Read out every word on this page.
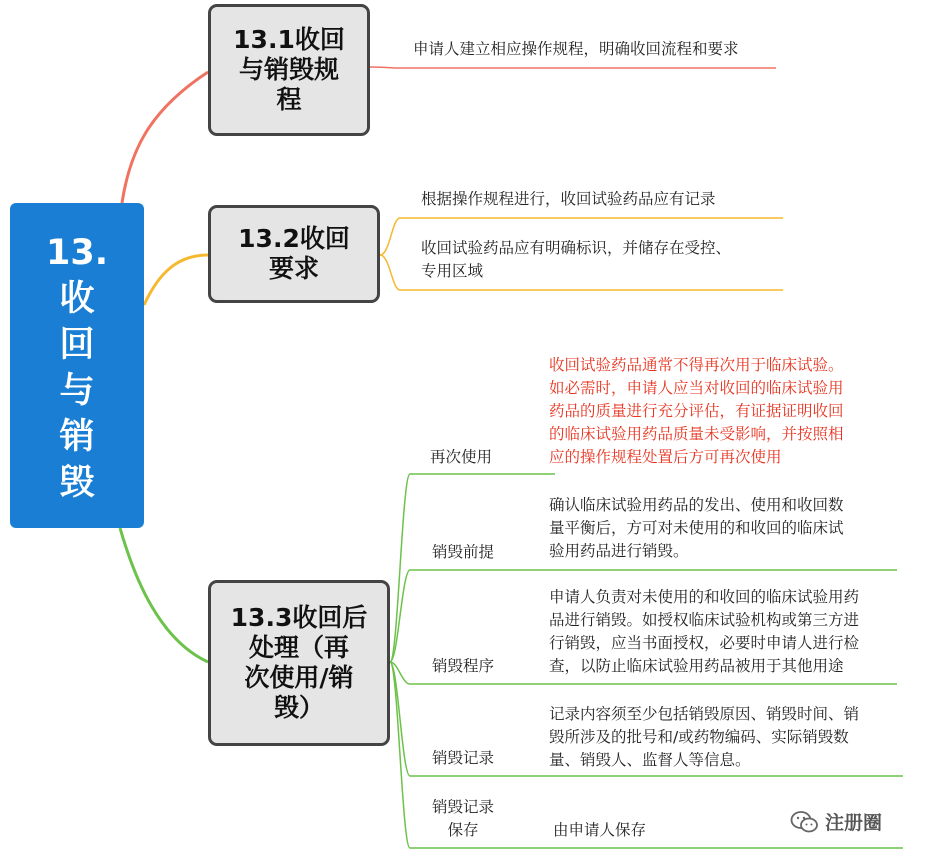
13.
收
回
与
销
毁
13.1收回
与销毁规
程
13.2收回
要求
13.3收回后
处理（再
次使用/销
毁）
申请人建立相应操作规程，明确收回流程和要求
根据操作规程进行，收回试验药品应有记录
收回试验药品应有明确标识，并储存在受控、
专用区域
再次使用
收回试验药品通常不得再次用于临床试验。
如必需时，申请人应当对收回的临床试验用
药品的质量进行充分评估，有证据证明收回
的临床试验用药品质量未受影响，并按照相
应的操作规程处置后方可再次使用
销毁前提
确认临床试验用药品的发出、使用和收回数
量平衡后，方可对未使用的和收回的临床试
验用药品进行销毁。
销毁程序
申请人负责对未使用的和收回的临床试验用药
品进行销毁。如授权临床试验机构或第三方进
行销毁，应当书面授权，必要时申请人进行检
查，以防止临床试验用药品被用于其他用途
销毁记录
记录内容须至少包括销毁原因、销毁时间、销
毁所涉及的批号和/或药物编码、实际销毁数
量、销毁人、监督人等信息。
销毁记录
保存	由申请人保存	注册圈
